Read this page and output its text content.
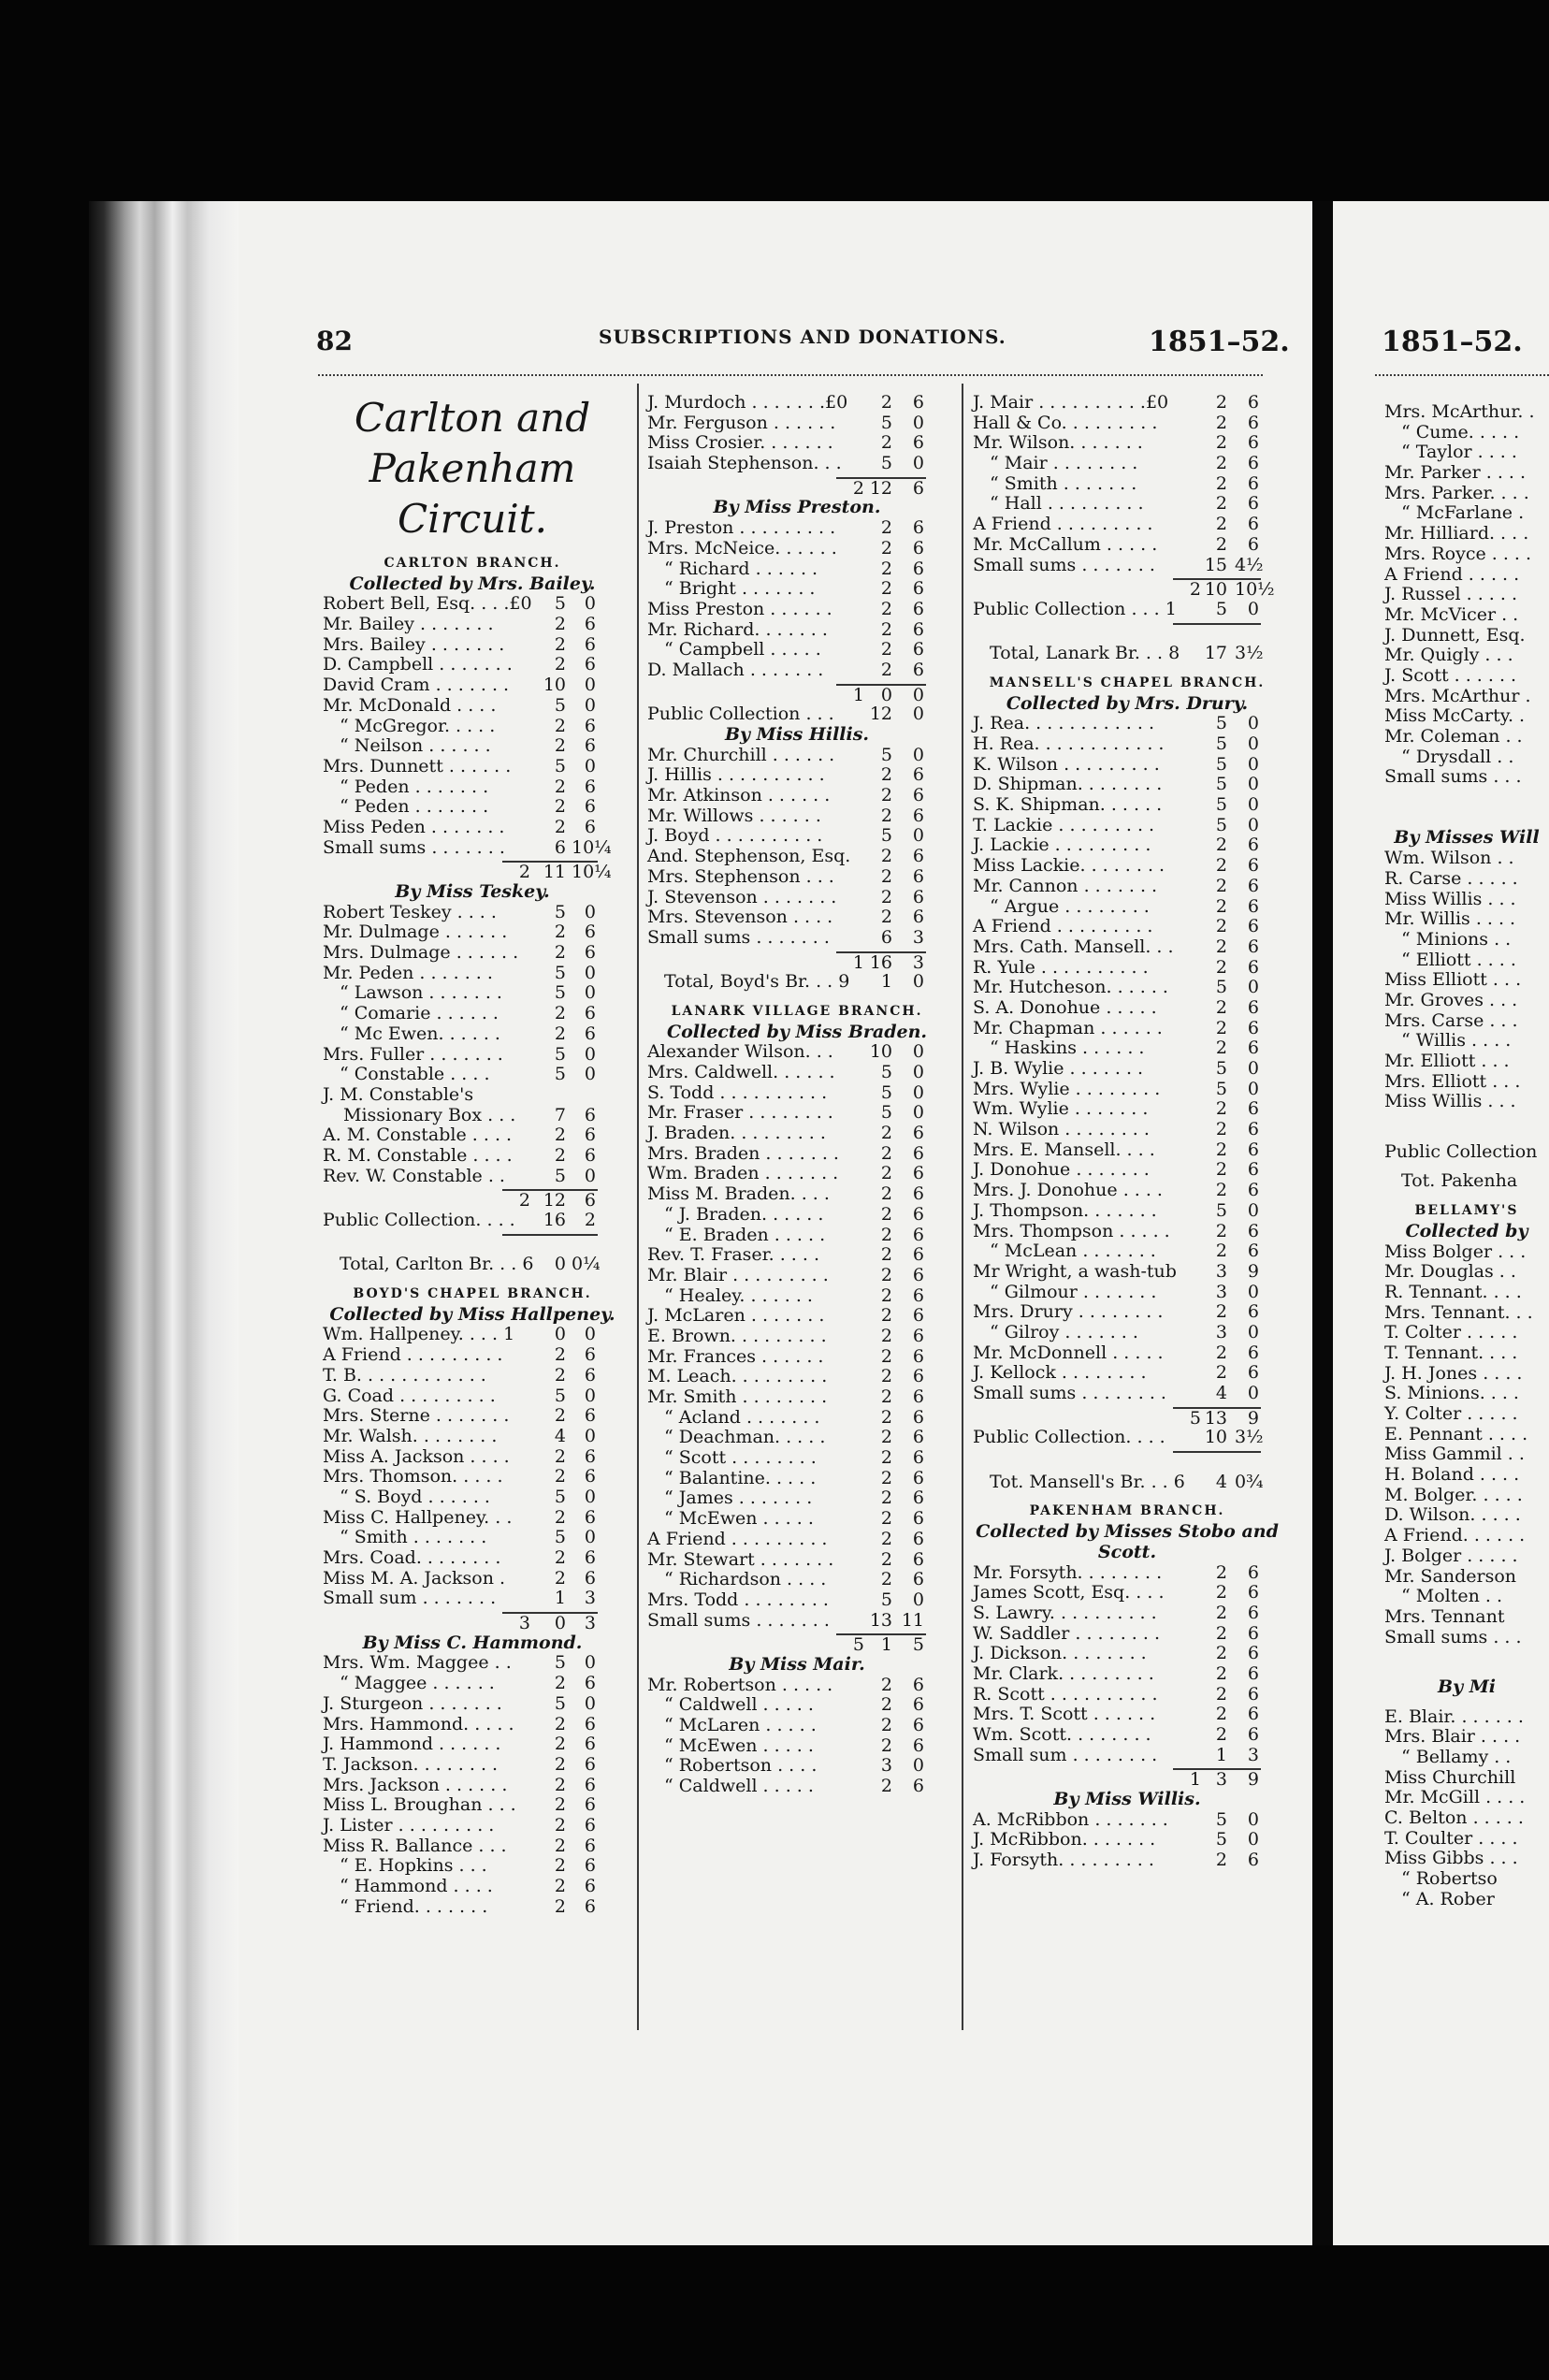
82	SUBSCRIPTIONS AND DONATIONS.	1851–52.	1851–52.
Carlton and
Pakenham Circuit.
CARLTON BRANCH.
Collected by Mrs. Bailey.
Robert Bell, Esq. . . .£0	5	0
Mr. Bailey . . . . . . .	2	6
Mrs. Bailey . . . . . . .	2	6
D. Campbell . . . . . . .	2	6
David Cram . . . . . . . 10	0
Mr. McDonald . . . .	5	0
“ McGregor. . . . .	2	6
“ Neilson . . . . . .	2	6
Mrs. Dunnett . . . . . .	5	0
“ Peden . . . . . . .	2	6
“ Peden . . . . . . .	2	6
Miss Peden . . . . . . .	2	6
Small sums . . . . . . .	6 10¼
2 11 10¼
By Miss Teskey.
Robert Teskey . . . .	5	0
Mr. Dulmage . . . . . .	2	6
Mrs. Dulmage . . . . . .	2	6
Mr. Peden . . . . . . .	5	0
“ Lawson . . . . . . .	5	0
“ Comarie . . . . . .	2	6
“ Mc Ewen. . . . . .	2	6
Mrs. Fuller . . . . . . .	5	0
“ Constable . . . .	5	0
J. M. Constable's
Missionary Box . . .	7	6
A. M. Constable . . . .	2	6
R. M. Constable . . . .	2	6
Rev. W. Constable . .	5	0
2 12	6
Public Collection. . . . 16	2
Total, Carlton Br. . . 6	0 0¼
BOYD'S CHAPEL BRANCH.
Collected by Miss Hallpeney.
Wm. Hallpeney. . . . 1	0	0
A Friend . . . . . . . . .	2	6
T. B. . . . . . . . . . . .	2	6
G. Coad . . . . . . . . .	5	0
Mrs. Sterne . . . . . . .	2	6
Mr. Walsh. . . . . . . .	4	0
Miss A. Jackson . . . .	2	6
Mrs. Thomson. . . . .	2	6
“ S. Boyd . . . . . .	5	0
Miss C. Hallpeney. . .	2	6
“ Smith . . . . . . .	5	0
Mrs. Coad. . . . . . . .	2	6
Miss M. A. Jackson .	2	6
Small sum . . . . . . .	1	3
3	0	3
By Miss C. Hammond.
Mrs. Wm. Maggee . .	5	0
“ Maggee . . . . . .	2	6
J. Sturgeon . . . . . . .	5	0
Mrs. Hammond. . . . .	2	6
J. Hammond . . . . . .	2	6
T. Jackson. . . . . . . .	2	6
Mrs. Jackson . . . . . .	2	6
Miss L. Broughan . . .	2	6
J. Lister . . . . . . . . .	2	6
Miss R. Ballance . . .	2	6
“ E. Hopkins . . .	2	6
“ Hammond . . . .	2	6
“ Friend. . . . . . .	2	6
J. Murdoch . . . . . . .£0	2	6
Mr. Ferguson . . . . . .	5	0
Miss Crosier. . . . . . .	2	6
Isaiah Stephenson. . .	5	0
2 12	6
By Miss Preston.
J. Preston . . . . . . . . .	2	6
Mrs. McNeice. . . . . .	2	6
“ Richard . . . . . .	2	6
“ Bright . . . . . . .	2	6
Miss Preston . . . . . .	2	6
Mr. Richard. . . . . . .	2	6
“ Campbell . . . . .	2	6
D. Mallach . . . . . . .	2	6
1 0	0
Public Collection . . . 12	0
By Miss Hillis.
Mr. Churchill . . . . . .	5	0
J. Hillis . . . . . . . . . .	2	6
Mr. Atkinson . . . . . .	2	6
Mr. Willows . . . . . .	2	6
J. Boyd . . . . . . . . . .	5	0
And. Stephenson, Esq.	2	6
Mrs. Stephenson . . .	2	6
J. Stevenson . . . . . . .	2	6
Mrs. Stevenson . . . .	2	6
Small sums . . . . . . .	6	3
1 16	3
Total, Boyd's Br. . . 9	1	0
LANARK VILLAGE BRANCH.
Collected by Miss Braden.
Alexander Wilson. . . 10	0
Mrs. Caldwell. . . . . .	5	0
S. Todd . . . . . . . . . .	5	0
Mr. Fraser . . . . . . . .	5	0
J. Braden. . . . . . . . .	2	6
Mrs. Braden . . . . . . .	2	6
Wm. Braden . . . . . . .	2	6
Miss M. Braden. . . .	2	6
“ J. Braden. . . . . .	2	6
“ E. Braden . . . . .	2	6
Rev. T. Fraser. . . . .	2	6
Mr. Blair . . . . . . . . .	2	6
“ Healey. . . . . . .	2	6
J. McLaren . . . . . . .	2	6
E. Brown. . . . . . . . .	2	6
Mr. Frances . . . . . .	2	6
M. Leach. . . . . . . . .	2	6
Mr. Smith . . . . . . . .	2	6
“ Acland . . . . . . .	2	6
“ Deachman. . . . .	2	6
“ Scott . . . . . . . .	2	6
“ Balantine. . . . .	2	6
“ James . . . . . . .	2	6
“ McEwen . . . . .	2	6
A Friend . . . . . . . . .	2	6
Mr. Stewart . . . . . . .	2	6
“ Richardson . . . .	2	6
Mrs. Todd . . . . . . . .	5	0
Small sums . . . . . . . 13 11
5 1	5
By Miss Mair.
Mr. Robertson . . . . .	2	6
“ Caldwell . . . . .	2	6
“ McLaren . . . . .	2	6
“ McEwen . . . . .	2	6
“ Robertson . . . .	3	0
“ Caldwell . . . . .	2	6
J. Mair . . . . . . . . . .£0	2	6
Hall & Co. . . . . . . . .	2	6
Mr. Wilson. . . . . . .	2	6
“ Mair . . . . . . . .	2	6
“ Smith . . . . . . .	2	6
“ Hall . . . . . . . . .	2	6
A Friend . . . . . . . . .	2	6
Mr. McCallum . . . . .	2	6
Small sums . . . . . . .	15 4½
2 10 10½
Public Collection . . . 1	5	0
Total, Lanark Br. . . 8 17 3½
MANSELL'S CHAPEL BRANCH.
Collected by Mrs. Drury.
J. Rea. . . . . . . . . . . .	5	0
H. Rea. . . . . . . . . . . .	5	0
K. Wilson . . . . . . . . .	5	0
D. Shipman. . . . . . . .	5	0
S. K. Shipman. . . . . .	5	0
T. Lackie . . . . . . . . .	5	0
J. Lackie . . . . . . . . .	2	6
Miss Lackie. . . . . . . .	2	6
Mr. Cannon . . . . . . .	2	6
“ Argue . . . . . . . .	2	6
A Friend . . . . . . . . .	2	6
Mrs. Cath. Mansell. . .	2	6
R. Yule . . . . . . . . . .	2	6
Mr. Hutcheson. . . . . .	5	0
S. A. Donohue . . . . .	2	6
Mr. Chapman . . . . . .	2	6
“ Haskins . . . . . .	2	6
J. B. Wylie . . . . . . .	5	0
Mrs. Wylie . . . . . . . .	5	0
Wm. Wylie . . . . . . .	2	6
N. Wilson . . . . . . . .	2	6
Mrs. E. Mansell. . . .	2	6
J. Donohue . . . . . . .	2	6
Mrs. J. Donohue . . . .	2	6
J. Thompson. . . . . . .	5	0
Mrs. Thompson . . . . .	2	6
“ McLean . . . . . . .	2	6
Mr Wright, a wash-tub	3	9
“ Gilmour . . . . . . .	3	0
Mrs. Drury . . . . . . . .	2	6
“ Gilroy . . . . . . .	3	0
Mr. McDonnell . . . . .	2	6
J. Kellock . . . . . . . .	2	6
Small sums . . . . . . . .	4	0
5 13	9
Public Collection. . . . 10 3½
Tot. Mansell's Br. . . 6	4 0¾
PAKENHAM BRANCH.
Collected by Misses Stobo and
Scott.
Mr. Forsyth. . . . . . . .	2	6
James Scott, Esq. . . .	2	6
S. Lawry. . . . . . . . . .	2	6
W. Saddler . . . . . . . .	2	6
J. Dickson. . . . . . . .	2	6
Mr. Clark. . . . . . . . .	2	6
R. Scott . . . . . . . . . .	2	6
Mrs. T. Scott . . . . . .	2	6
Wm. Scott. . . . . . . .	2	6
Small sum . . . . . . . .	1	3
1 3	9
By Miss Willis.
A. McRibbon . . . . . . .	5	0
J. McRibbon. . . . . . .	5	0
J. Forsyth. . . . . . . . .	2	6
Mrs. McArthur. .
“ Cume. . . . .
“ Taylor . . . .
Mr. Parker . . . .
Mrs. Parker. . . .
“ McFarlane .
Mr. Hilliard. . . .
Mrs. Royce . . . .
A Friend . . . . .
J. Russel . . . . .
Mr. McVicer . .
J. Dunnett, Esq.
Mr. Quigly . . .
J. Scott . . . . . .
Mrs. McArthur .
Miss McCarty. .
Mr. Coleman . .
“ Drysdall . .
Small sums . . .
By Misses Will
Wm. Wilson . .
R. Carse . . . . .
Miss Willis . . .
Mr. Willis . . . .
“ Minions . .
“ Elliott . . . .
Miss Elliott . . .
Mr. Groves . . .
Mrs. Carse . . .
“ Willis . . . .
Mr. Elliott . . .
Mrs. Elliott . . .
Miss Willis . . .
Public Collection
Tot. Pakenha
BELLAMY'S
Collected by
Miss Bolger . . .
Mr. Douglas . .
R. Tennant. . . .
Mrs. Tennant. . .
T. Colter . . . . .
T. Tennant. . . .
J. H. Jones . . . .
S. Minions. . . .
Y. Colter . . . . .
E. Pennant . . . .
Miss Gammil . .
H. Boland . . . .
M. Bolger. . . . .
D. Wilson. . . . .
A Friend. . . . . .
J. Bolger . . . . .
Mr. Sanderson
“ Molten . .
Mrs. Tennant
Small sums . . .
By Mi
E. Blair. . . . . . .
Mrs. Blair . . . .
“ Bellamy . .
Miss Churchill
Mr. McGill . . . .
C. Belton . . . . .
T. Coulter . . . .
Miss Gibbs . . .
“ Robertso
“ A. Rober
